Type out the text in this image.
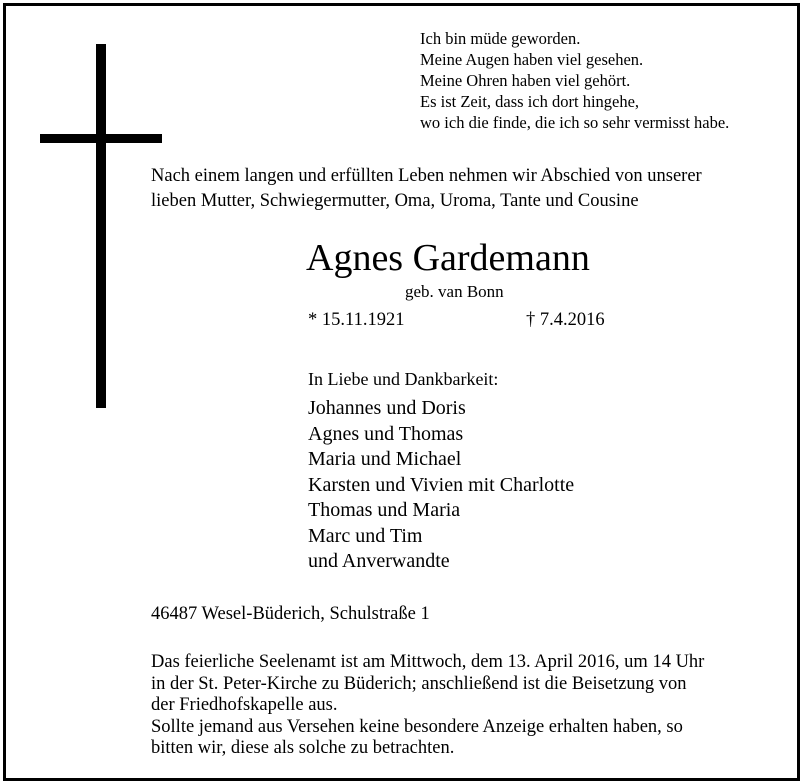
Ich bin müde geworden.
Meine Augen haben viel gesehen.
Meine Ohren haben viel gehört.
Es ist Zeit, dass ich dort hingehe,
wo ich die finde, die ich so sehr vermisst habe.
Nach einem langen und erfüllten Leben nehmen wir Abschied von unserer
lieben Mutter, Schwiegermutter, Oma, Uroma, Tante und Cousine
Agnes Gardemann
geb. van Bonn
* 15.11.1921	† 7.4.2016
In Liebe und Dankbarkeit:
Johannes und Doris
Agnes und Thomas
Maria und Michael
Karsten und Vivien mit Charlotte
Thomas und Maria
Marc und Tim
und Anverwandte
46487 Wesel-Büderich, Schulstraße 1
Das feierliche Seelenamt ist am Mittwoch, dem 13. April 2016, um 14 Uhr
in der St. Peter-Kirche zu Büderich; anschließend ist die Beisetzung von
der Friedhofskapelle aus.
Sollte jemand aus Versehen keine besondere Anzeige erhalten haben, so
bitten wir, diese als solche zu betrachten.
